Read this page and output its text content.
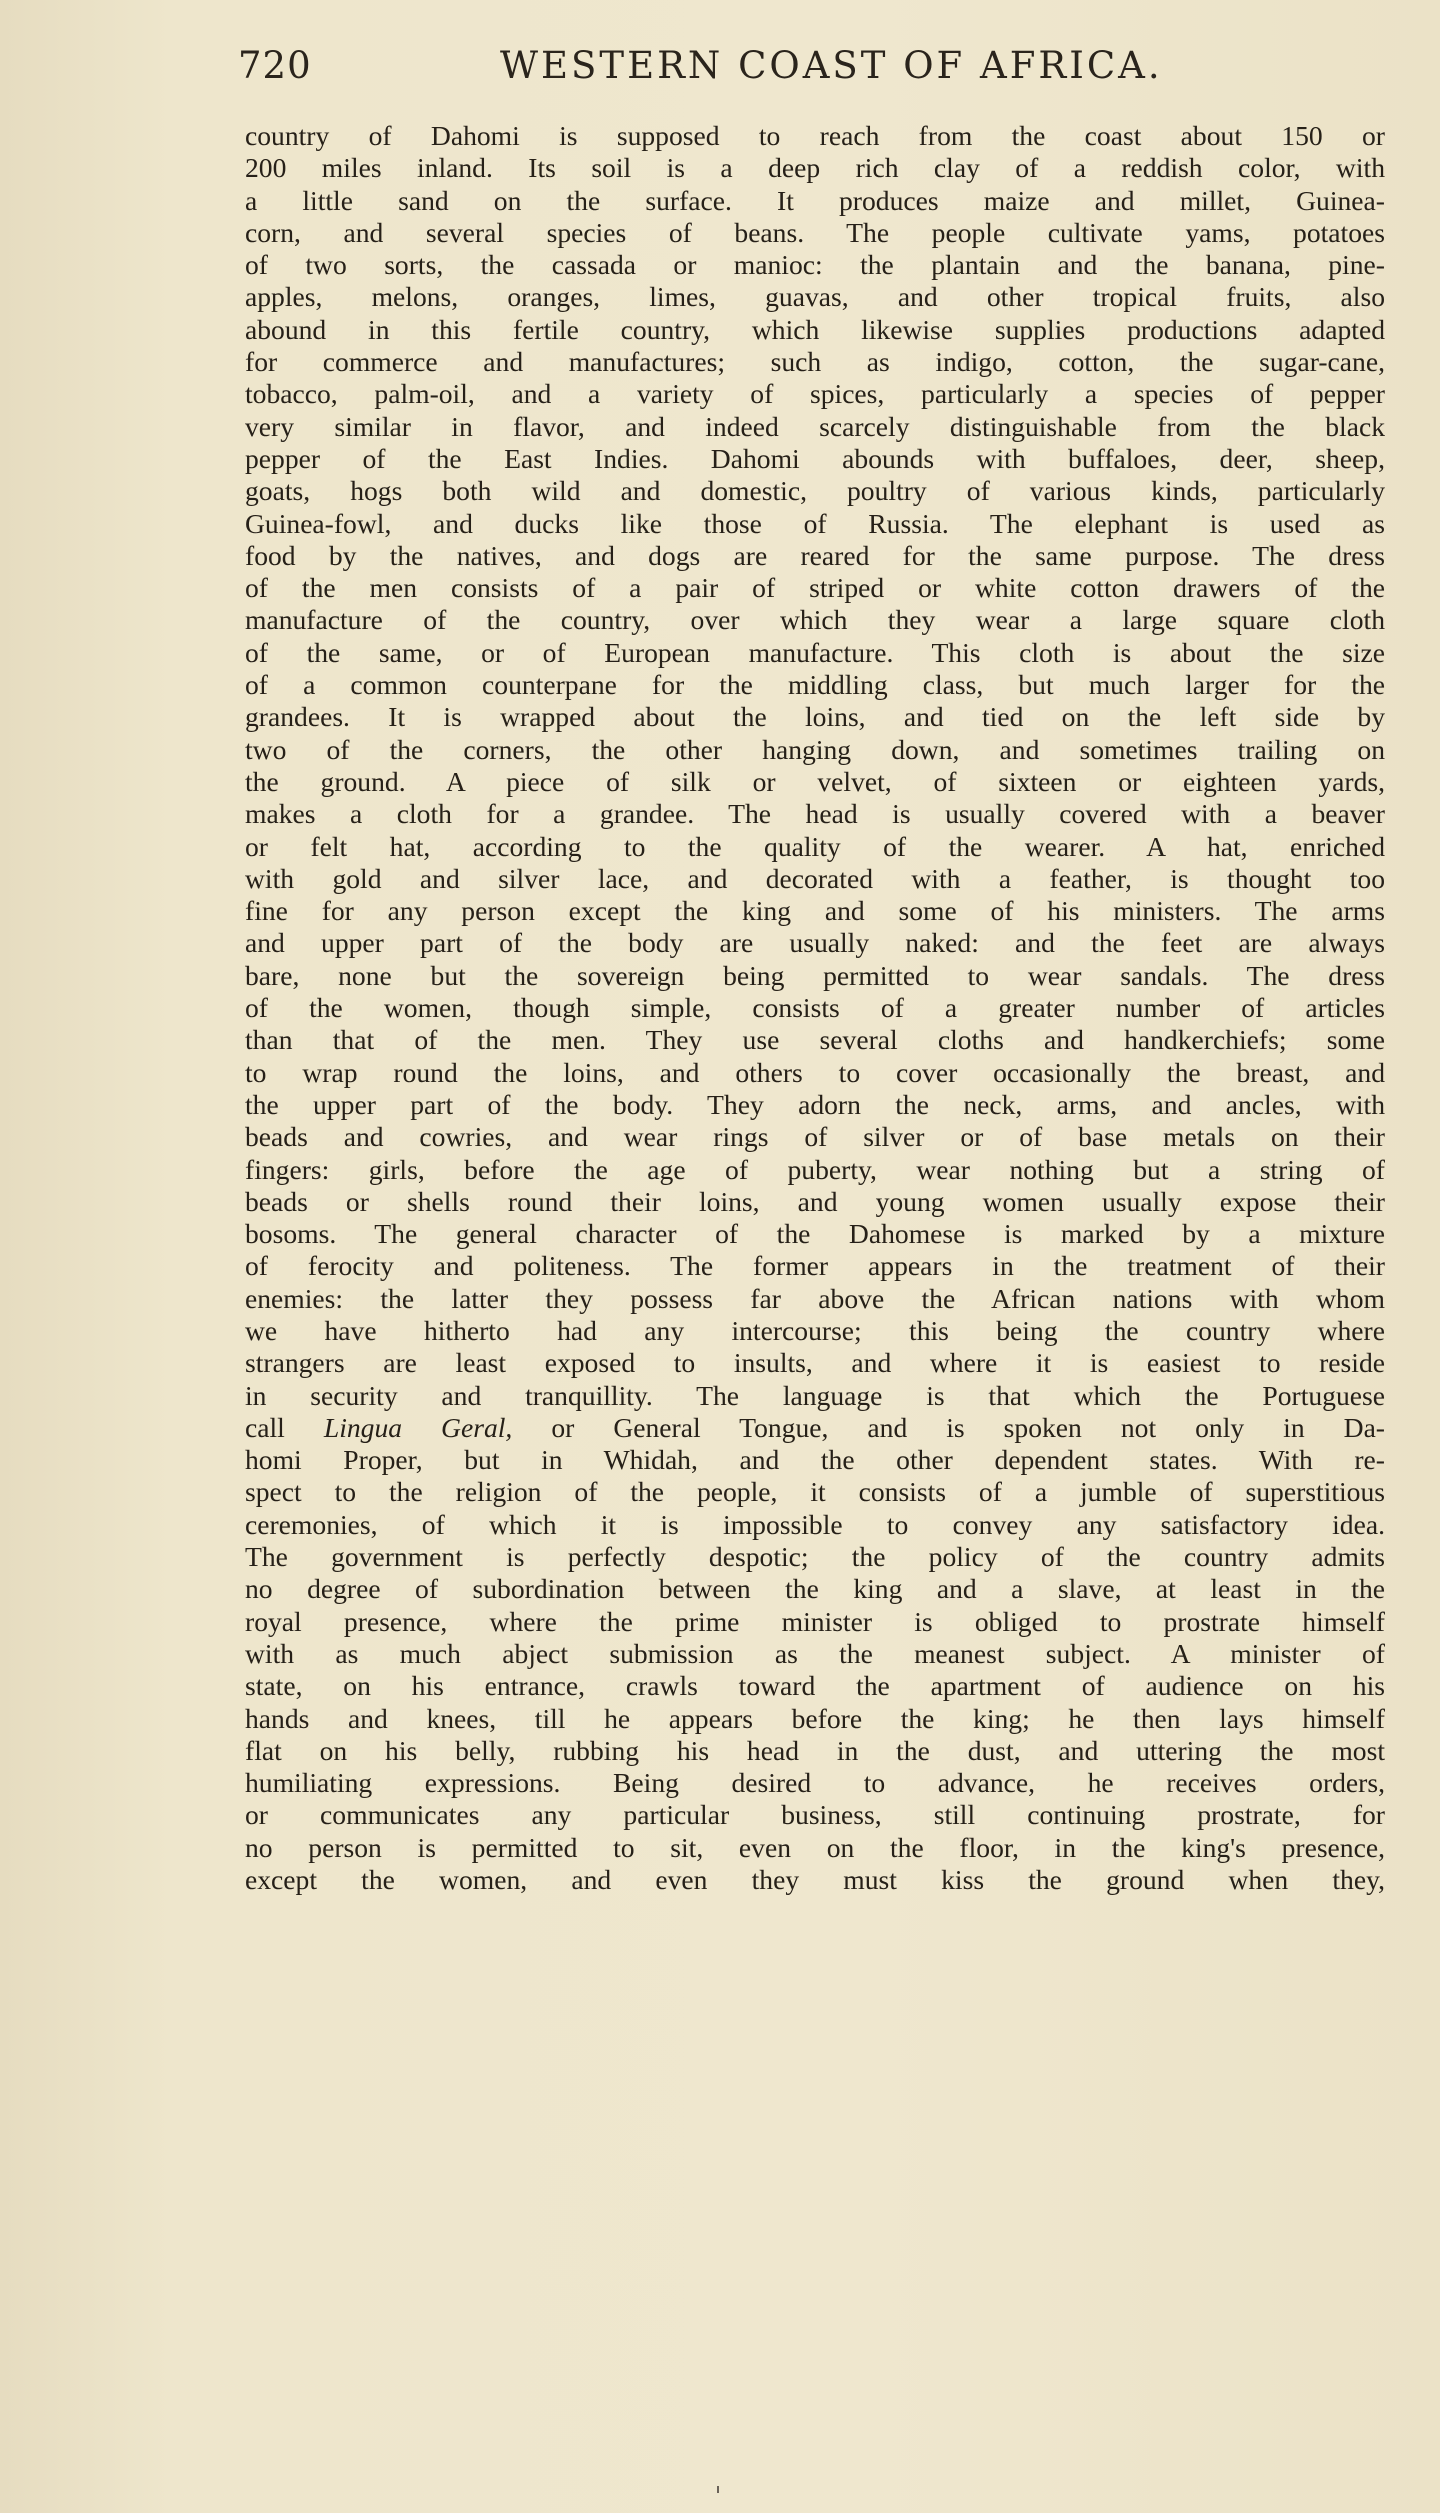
720	WESTERN COAST OF AFRICA.
country of Dahomi is supposed to reach from the coast about 150 or
200 miles inland. Its soil is a deep rich clay of a reddish color, with
a little sand on the surface. It produces maize and millet, Guinea-
corn, and several species of beans. The people cultivate yams, potatoes
of two sorts, the cassada or manioc: the plantain and the banana, pine-
apples, melons, oranges, limes, guavas, and other tropical fruits, also
abound in this fertile country, which likewise supplies productions adapted
for commerce and manufactures; such as indigo, cotton, the sugar-cane,
tobacco, palm-oil, and a variety of spices, particularly a species of pepper
very similar in flavor, and indeed scarcely distinguishable from the black
pepper of the East Indies. Dahomi abounds with buffaloes, deer, sheep,
goats, hogs both wild and domestic, poultry of various kinds, particularly
Guinea-fowl, and ducks like those of Russia. The elephant is used as
food by the natives, and dogs are reared for the same purpose. The dress
of the men consists of a pair of striped or white cotton drawers of the
manufacture of the country, over which they wear a large square cloth
of the same, or of European manufacture. This cloth is about the size
of a common counterpane for the middling class, but much larger for the
grandees. It is wrapped about the loins, and tied on the left side by
two of the corners, the other hanging down, and sometimes trailing on
the ground. A piece of silk or velvet, of sixteen or eighteen yards,
makes a cloth for a grandee. The head is usually covered with a beaver
or felt hat, according to the quality of the wearer. A hat, enriched
with gold and silver lace, and decorated with a feather, is thought too
fine for any person except the king and some of his ministers. The arms
and upper part of the body are usually naked: and the feet are always
bare, none but the sovereign being permitted to wear sandals. The dress
of the women, though simple, consists of a greater number of articles
than that of the men. They use several cloths and handkerchiefs; some
to wrap round the loins, and others to cover occasionally the breast, and
the upper part of the body. They adorn the neck, arms, and ancles, with
beads and cowries, and wear rings of silver or of base metals on their
fingers: girls, before the age of puberty, wear nothing but a string of
beads or shells round their loins, and young women usually expose their
bosoms. The general character of the Dahomese is marked by a mixture
of ferocity and politeness. The former appears in the treatment of their
enemies: the latter they possess far above the African nations with whom
we have hitherto had any intercourse; this being the country where
strangers are least exposed to insults, and where it is easiest to reside
in security and tranquillity. The language is that which the Portuguese
call Lingua Geral, or General Tongue, and is spoken not only in Da-
homi Proper, but in Whidah, and the other dependent states. With re-
spect to the religion of the people, it consists of a jumble of superstitious
ceremonies, of which it is impossible to convey any satisfactory idea.
The government is perfectly despotic; the policy of the country admits
no degree of subordination between the king and a slave, at least in the
royal presence, where the prime minister is obliged to prostrate himself
with as much abject submission as the meanest subject. A minister of
state, on his entrance, crawls toward the apartment of audience on his
hands and knees, till he appears before the king; he then lays himself
flat on his belly, rubbing his head in the dust, and uttering the most
humiliating expressions. Being desired to advance, he receives orders,
or communicates any particular business, still continuing prostrate, for
no person is permitted to sit, even on the floor, in the king's presence,
except the women, and even they must kiss the ground when they,
